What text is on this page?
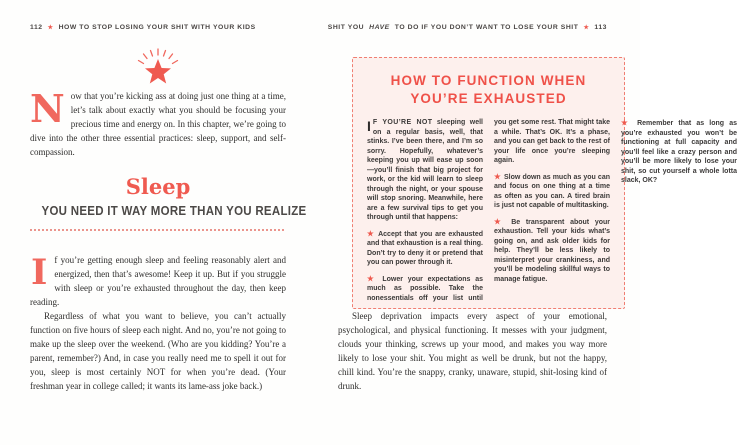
112 ★ HOW TO STOP LOSING YOUR SHIT WITH YOUR KIDS

Now that you’re kicking ass at doing just one thing at a time, let’s talk about exactly what you should be focusing your precious time and energy on. In this chapter, we’re going to dive into the other three essential practices: sleep, support, and self-compassion.

Sleep
YOU NEED IT WAY MORE THAN YOU REALIZE

If you’re getting enough sleep and feeling reasonably alert and energized, then that’s awesome! Keep it up. But if you struggle with sleep or you’re exhausted throughout the day, then keep reading.

Regardless of what you want to believe, you can’t actually function on five hours of sleep each night. And no, you’re not going to make up the sleep over the weekend. (Who are you kidding? You’re a parent, remember?) And, in case you really need me to spell it out for you, sleep is most certainly NOT for when you’re dead. (Your freshman year in college called; it wants its lame-ass joke back.)

SHIT YOU HAVE TO DO IF YOU DON’T WANT TO LOSE YOUR SHIT ★ 113
HOW TO FUNCTION WHEN
YOU’RE EXHAUSTED

I F YOU’RE NOT sleeping well on a regular basis, well, that stinks. I’ve been there, and I’m so sorry. Hopefully, whatever’s keeping you up will ease up soon—you’ll finish that big project for work, or the kid will learn to sleep through the night, or your spouse will stop snoring. Meanwhile, here are a few survival tips to get you through until that happens:

★ Accept that you are exhausted and that exhaustion is a real thing. Don’t try to deny it or pretend that you can power through it.

★ Lower your expectations as much as possible. Take the nonessentials off your list until you get some rest. That might take a while. That’s OK. It’s a phase, and you can get back to the rest of your life once you’re sleeping again.

★ Slow down as much as you can and focus on one thing at a time as often as you can. A tired brain is just not capable of multitasking.

★ Be transparent about your exhaustion. Tell your kids what’s going on, and ask older kids for help. They’ll be less likely to misinterpret your crankiness, and you’ll be modeling skillful ways to manage fatigue.

★ Remember that as long as you’re exhausted you won’t be functioning at full capacity and you’ll feel like a crazy person and you’ll be more likely to lose your shit, so cut yourself a whole lotta slack, OK?

Sleep deprivation impacts every aspect of your emotional, psychological, and physical functioning. It messes with your judgment, clouds your thinking, screws up your mood, and makes you way more likely to lose your shit. You might as well be drunk, but not the happy, chill kind. You’re the snappy, cranky, unaware, stupid, shit-losing kind of drunk.
